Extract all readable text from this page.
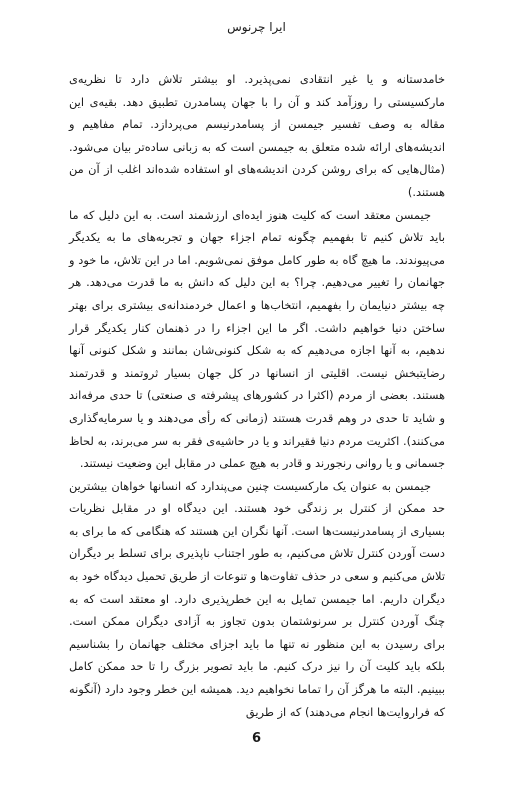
ایرا چرنوس

خامدستانه و یا غیر انتقادی نمی‌پذیرد. او بیشتر تلاش دارد تا نظریه‌ی مارکسیستی را روزآمد کند و آن را با جهان پسامدرن تطبیق دهد. بقیه‌ی این مقاله به وصف تفسیر جیمسن از پسامدرنیسم می‌پردازد. تمام مفاهیم و اندیشه‌های ارائه شده متعلق به جیمسن است که به زبانی ساده‌تر بیان می‌شود. (مثال‌هایی که برای روشن کردن اندیشه‌های او استفاده شده‌اند اغلب از آن من هستند.)

جیمسن معتقد است که کلیت هنوز ایده‌ای ارزشمند است. به این دلیل که ما باید تلاش کنیم تا بفهمیم چگونه تمام اجزاء جهان و تجربه‌های ما به یکدیگر می‌پیوندند. ما هیچ گاه به طور کامل موفق نمی‌شویم. اما در این تلاش، ما خود و جهانمان را تغییر می‌دهیم. چرا؟ به این دلیل که دانش به ما قدرت می‌دهد. هر چه بیشتر دنیایمان را بفهمیم، انتخاب‌ها و اعمال خردمندانه‌ی بیشتری برای بهتر ساختن دنیا خواهیم داشت. اگر ما این اجزاء را در ذهنمان کنار یکدیگر قرار ندهیم، به آنها اجازه می‌دهیم که به شکل کنونی‌شان بمانند و شکل کنونی آنها رضایتبخش نیست. اقلیتی از انسانها در کل جهان بسیار ثروتمند و قدرتمند هستند. بعضی از مردم (اکثرا در کشورهای پیشرفته ی صنعتی) تا حدی مرفه‌اند و شاید تا حدی در وهم قدرت هستند (زمانی که رأی می‌دهند و یا سرمایه‌گذاری می‌کنند). اکثریت مردم دنیا فقیراند و یا در حاشیه‌ی فقر به سر می‌برند، به لحاظ جسمانی و یا روانی رنجورند و قادر به هیچ عملی در مقابل این وضعیت نیستند.

جیمسن به عنوان یک مارکسیست چنین می‌پندارد که انسانها خواهان بیشترین حد ممکن از کنترل بر زندگی خود هستند. این دیدگاه او در مقابل نظریات بسیاری از پسامدرنیست‌ها است. آنها نگران این هستند که هنگامی که ما برای به دست آوردن کنترل تلاش می‌کنیم، به طور اجتناب ناپذیری برای تسلط بر دیگران تلاش می‌کنیم و سعی در حذف تفاوت‌ها و تنوعات از طریق تحمیل دیدگاه خود به دیگران داریم. اما جیمسن تمایل به این خطرپذیری دارد. او معتقد است که به چنگ آوردن کنترل بر سرنوشتمان بدون تجاوز به آزادی دیگران ممکن است. برای رسیدن به این منظور نه تنها ما باید اجزای مختلف جهانمان را بشناسیم بلکه باید کلیت آن را نیز درک کنیم. ما باید تصویر بزرگ را تا حد ممکن کامل ببینیم. البته ما هرگز آن را تماما نخواهیم دید. همیشه این خطر وجود دارد (آنگونه که فراروایت‌ها انجام می‌دهند) که از طریق

6
